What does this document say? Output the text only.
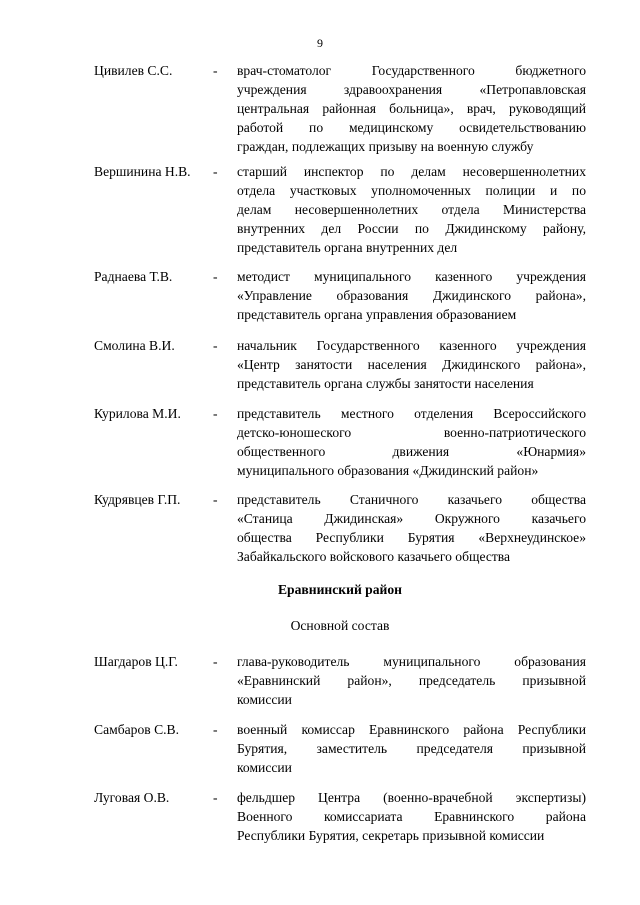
9
Цивилев С.С.	- врач-стоматолог Государственного бюджетного
учреждения здравоохранения «Петропавловская
центральная районная больница», врач, руководящий
работой по медицинскому освидетельствованию
граждан, подлежащих призыву на военную службу
Вершинина Н.В. - старший инспектор по делам несовершеннолетних
отдела участковых уполномоченных полиции и по
делам несовершеннолетних отдела Министерства
внутренних дел России по Джидинскому району,
представитель органа внутренних дел
Раднаева Т.В.	- методист муниципального казенного учреждения
«Управление образования Джидинского района»,
представитель органа управления образованием
Смолина В.И.	- начальник Государственного казенного учреждения
«Центр занятости населения Джидинского района»,
представитель органа службы занятости населения
Курилова М.И. - представитель местного отделения Всероссийского
детско-юношеского военно-патриотического
общественного движения «Юнармия»
муниципального образования «Джидинский район»
Кудрявцев Г.П. - представитель Станичного казачьего общества
«Станица Джидинская» Окружного казачьего
общества Республики Бурятия «Верхнеудинское»
Забайкальского войскового казачьего общества
Еравнинский район
Основной состав
Шагдаров Ц.Г.	- глава-руководитель муниципального образования
«Еравнинский район», председатель призывной
комиссии
Самбаров С.В.	- военный комиссар Еравнинского района Республики
Бурятия, заместитель председателя призывной
комиссии
Луговая О.В.	- фельдшер Центра (военно-врачебной экспертизы)
Военного комиссариата Еравнинского района
Республики Бурятия, секретарь призывной комиссии
